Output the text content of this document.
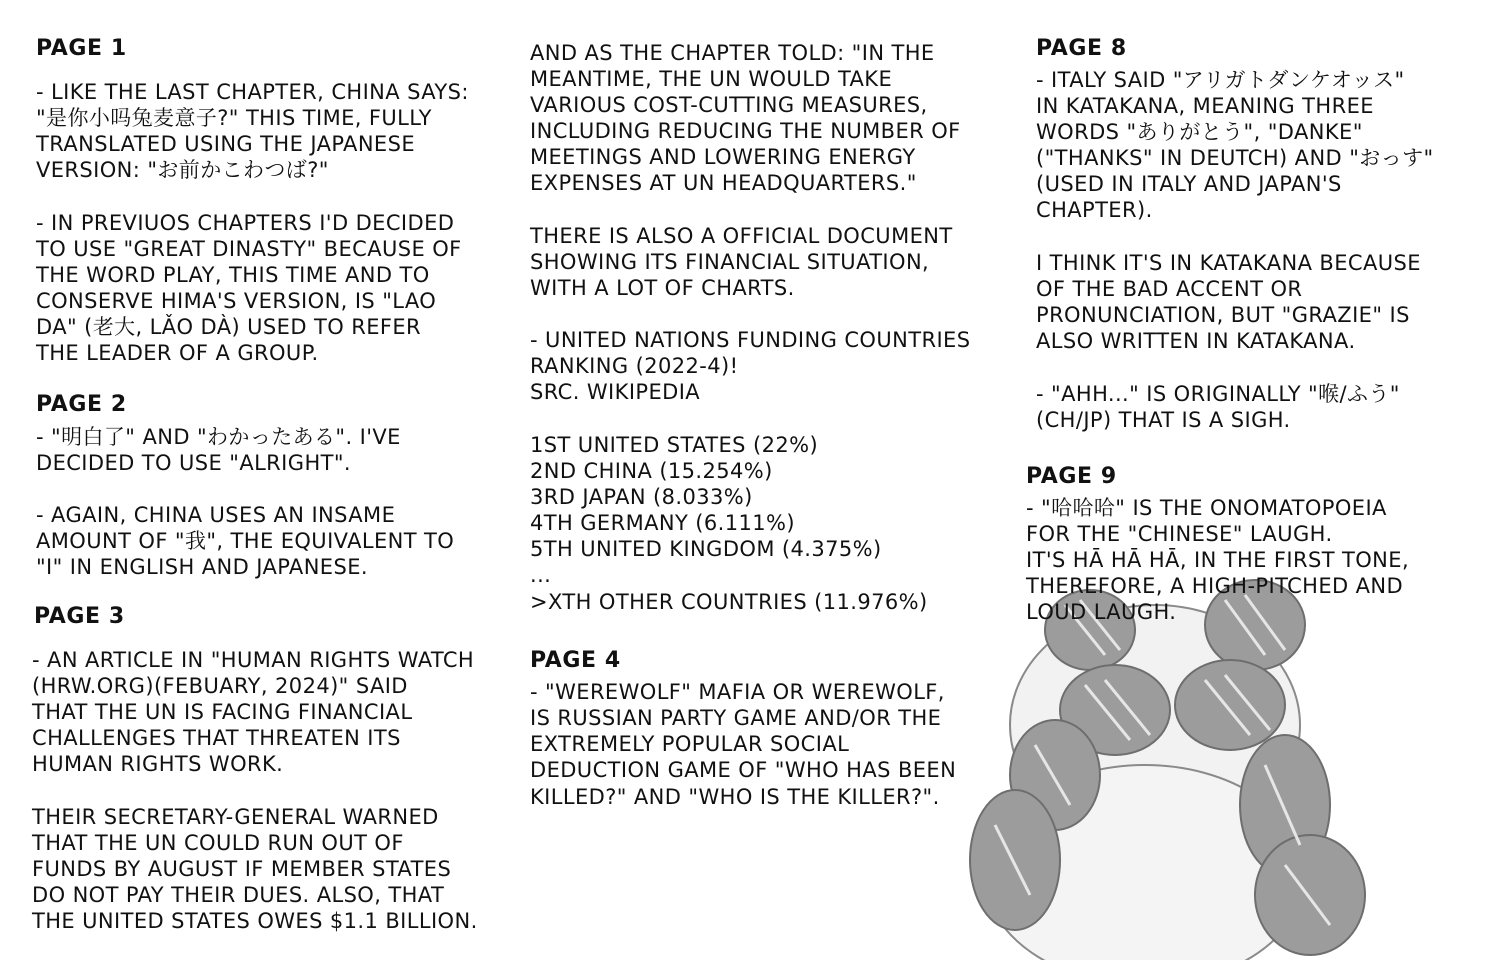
PAGE 1
- LIKE THE LAST CHAPTER, CHINA SAYS:
"是你小吗兔麦意子?" THIS TIME, FULLY
TRANSLATED USING THE JAPANESE
VERSION: "お前かこわつば?"
- IN PREVIUOS CHAPTERS I'D DECIDED
TO USE "GREAT DINASTY" BECAUSE OF
THE WORD PLAY, THIS TIME AND TO
CONSERVE HIMA'S VERSION, IS "LAO
DA" (老大, LǍO DÀ) USED TO REFER
THE LEADER OF A GROUP.
PAGE 2
- "明白了" AND "わかったある". I'VE
DECIDED TO USE "ALRIGHT".
- AGAIN, CHINA USES AN INSAME
AMOUNT OF "我", THE EQUIVALENT TO
"I" IN ENGLISH AND JAPANESE.
PAGE 3
- AN ARTICLE IN "HUMAN RIGHTS WATCH
(HRW.ORG)(FEBUARY, 2024)" SAID
THAT THE UN IS FACING FINANCIAL
CHALLENGES THAT THREATEN ITS
HUMAN RIGHTS WORK.
THEIR SECRETARY-GENERAL WARNED
THAT THE UN COULD RUN OUT OF
FUNDS BY AUGUST IF MEMBER STATES
DO NOT PAY THEIR DUES. ALSO, THAT
THE UNITED STATES OWES $1.1 BILLION.
AND AS THE CHAPTER TOLD: "IN THE
MEANTIME, THE UN WOULD TAKE
VARIOUS COST-CUTTING MEASURES,
INCLUDING REDUCING THE NUMBER OF
MEETINGS AND LOWERING ENERGY
EXPENSES AT UN HEADQUARTERS."
THERE IS ALSO A OFFICIAL DOCUMENT
SHOWING ITS FINANCIAL SITUATION,
WITH A LOT OF CHARTS.
- UNITED NATIONS FUNDING COUNTRIES
RANKING (2022-4)!
SRC. WIKIPEDIA
1ST UNITED STATES (22%)
2ND CHINA (15.254%)
3RD JAPAN (8.033%)
4TH GERMANY (6.111%)
5TH UNITED KINGDOM (4.375%)
...
>XTH OTHER COUNTRIES (11.976%)
PAGE 4
- "WEREWOLF" MAFIA OR WEREWOLF,
IS RUSSIAN PARTY GAME AND/OR THE
EXTREMELY POPULAR SOCIAL
DEDUCTION GAME OF "WHO HAS BEEN
KILLED?" AND "WHO IS THE KILLER?".
PAGE 8
- ITALY SAID "アリガトダンケオッス"
IN KATAKANA, MEANING THREE
WORDS "ありがとう", "DANKE"
("THANKS" IN DEUTCH) AND "おっす"
(USED IN ITALY AND JAPAN'S
CHAPTER).
I THINK IT'S IN KATAKANA BECAUSE
OF THE BAD ACCENT OR
PRONUNCIATION, BUT "GRAZIE" IS
ALSO WRITTEN IN KATAKANA.
- "AHH..." IS ORIGINALLY "喉/ふう"
(CH/JP) THAT IS A SIGH.
PAGE 9
- "哈哈哈" IS THE ONOMATOPOEIA
FOR THE "CHINESE" LAUGH.
IT'S HĀ HĀ HĀ, IN THE FIRST TONE,
THEREFORE, A HIGH-PITCHED AND
LOUD LAUGH.
